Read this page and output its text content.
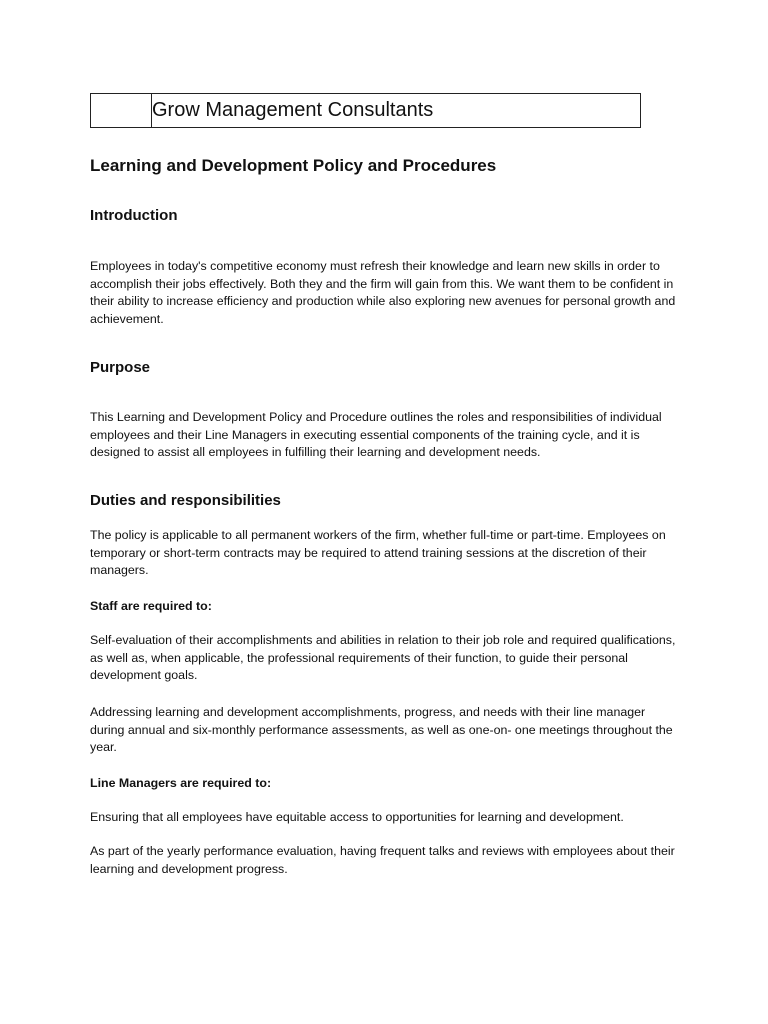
Grow Management Consultants
Learning and Development Policy and Procedures
Introduction

Employees in today's competitive economy must refresh their knowledge and learn new skills in order to accomplish their jobs effectively. Both they and the firm will gain from this. We want them to be confident in their ability to increase efficiency and production while also exploring new avenues for personal growth and achievement.

Purpose

This Learning and Development Policy and Procedure outlines the roles and responsibilities of individual employees and their Line Managers in executing essential components of the training cycle, and it is designed to assist all employees in fulfilling their learning and development needs.

Duties and responsibilities

The policy is applicable to all permanent workers of the firm, whether full-time or part-time. Employees on temporary or short-term contracts may be required to attend training sessions at the discretion of their managers.

Staff are required to:

Self-evaluation of their accomplishments and abilities in relation to their job role and required qualifications, as well as, when applicable, the professional requirements of their function, to guide their personal development goals.

Addressing learning and development accomplishments, progress, and needs with their line manager during annual and six-monthly performance assessments, as well as one-on- one meetings throughout the year.

Line Managers are required to:

Ensuring that all employees have equitable access to opportunities for learning and development.

As part of the yearly performance evaluation, having frequent talks and reviews with employees about their learning and development progress.
